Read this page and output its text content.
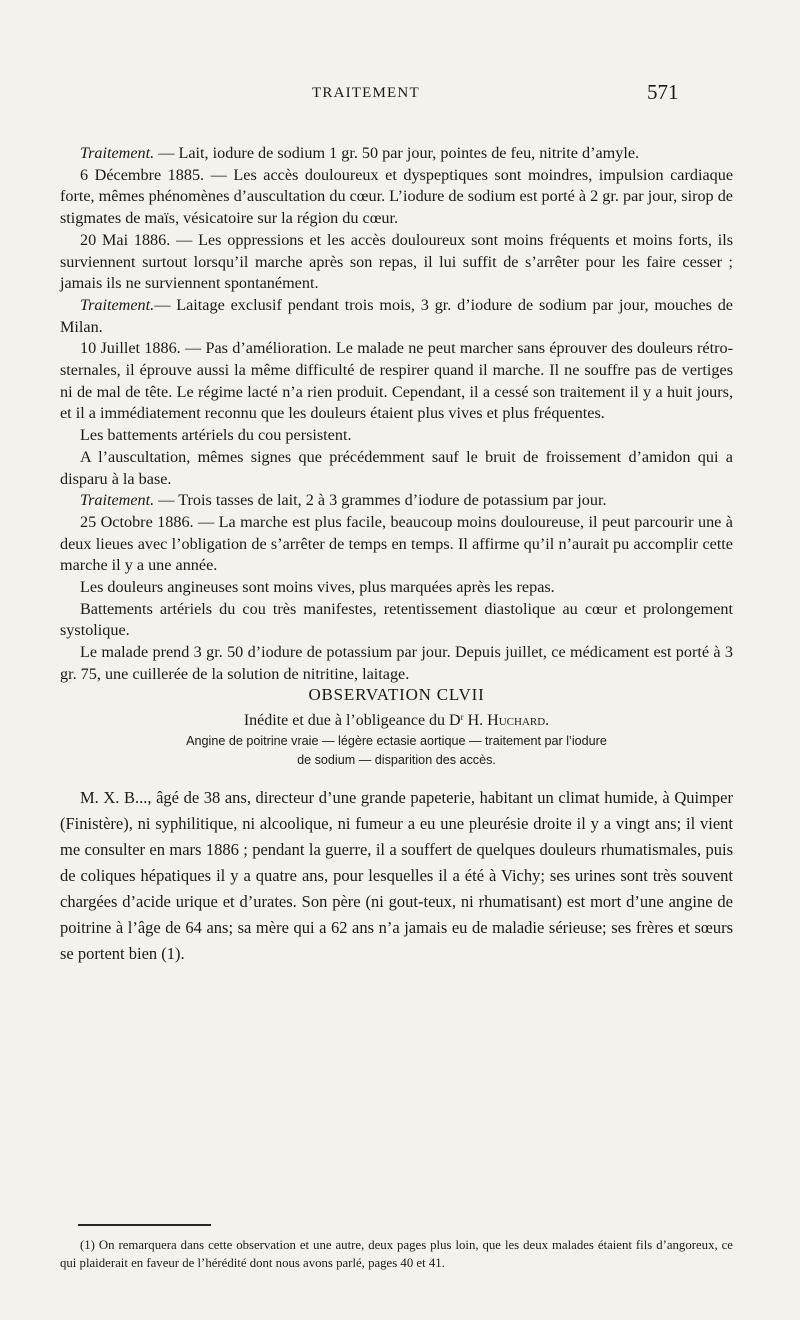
TRAITEMENT	571

Traitement. — Lait, iodure de sodium 1 gr. 50 par jour, pointes de feu, nitrite d’amyle.

6 Décembre 1885. — Les accès douloureux et dyspeptiques sont moindres, impulsion cardiaque forte, mêmes phénomènes d’auscultation du cœur. L’iodure de sodium est porté à 2 gr. par jour, sirop de stigmates de maïs, vésicatoire sur la région du cœur.

20 Mai 1886. — Les oppressions et les accès douloureux sont moins fréquents et moins forts, ils surviennent surtout lorsqu’il marche après son repas, il lui suffit de s’arrêter pour les faire cesser ; jamais ils ne surviennent spontanément.

Traitement.— Laitage exclusif pendant trois mois, 3 gr. d’iodure de sodium par jour, mouches de Milan.

10 Juillet 1886. — Pas d’amélioration. Le malade ne peut marcher sans éprouver des douleurs rétro-sternales, il éprouve aussi la même difficulté de respirer quand il marche. Il ne souffre pas de vertiges ni de mal de tête. Le régime lacté n’a rien produit. Cependant, il a cessé son traitement il y a huit jours, et il a immédiatement reconnu que les douleurs étaient plus vives et plus fréquentes.

Les battements artériels du cou persistent.

A l’auscultation, mêmes signes que précédemment sauf le bruit de froissement d’amidon qui a disparu à la base.

Traitement. — Trois tasses de lait, 2 à 3 grammes d’iodure de potassium par jour.

25 Octobre 1886. — La marche est plus facile, beaucoup moins douloureuse, il peut parcourir une à deux lieues avec l’obligation de s’arrêter de temps en temps. Il affirme qu’il n’aurait pu accomplir cette marche il y a une année.

Les douleurs angineuses sont moins vives, plus marquées après les repas.

Battements artériels du cou très manifestes, retentissement diastolique au cœur et prolongement systolique.

Le malade prend 3 gr. 50 d’iodure de potassium par jour. Depuis juillet, ce médicament est porté à 3 gr. 75, une cuillerée de la solution de nitritine, laitage.

OBSERVATION CLVII
Inédite et due à l’obligeance du $D^r$ H. Huchard.
Angine de poitrine vraie — légère ectasie aortique — traitement par l’iodure
de sodium — disparition des accès.

M. X. B..., âgé de 38 ans, directeur d’une grande papeterie, habitant un climat humide, à Quimper (Finistère), ni syphilitique, ni alcoolique, ni fumeur a eu une pleurésie droite il y a vingt ans; il vient me consulter en mars 1886 ; pendant la guerre, il a souffert de quelques douleurs rhumatismales, puis de coliques hépatiques il y a quatre ans, pour lesquelles il a été à Vichy; ses urines sont très souvent chargées d’acide urique et d’urates. Son père (ni gout-teux, ni rhumatisant) est mort d’une angine de poitrine à l’âge de 64 ans; sa mère qui a 62 ans n’a jamais eu de maladie sérieuse; ses frères et sœurs se portent bien (1).

(1) On remarquera dans cette observation et une autre, deux pages plus loin, que les deux malades étaient fils d’angoreux, ce qui plaiderait en faveur de l’hérédité dont nous avons parlé, pages 40 et 41.
